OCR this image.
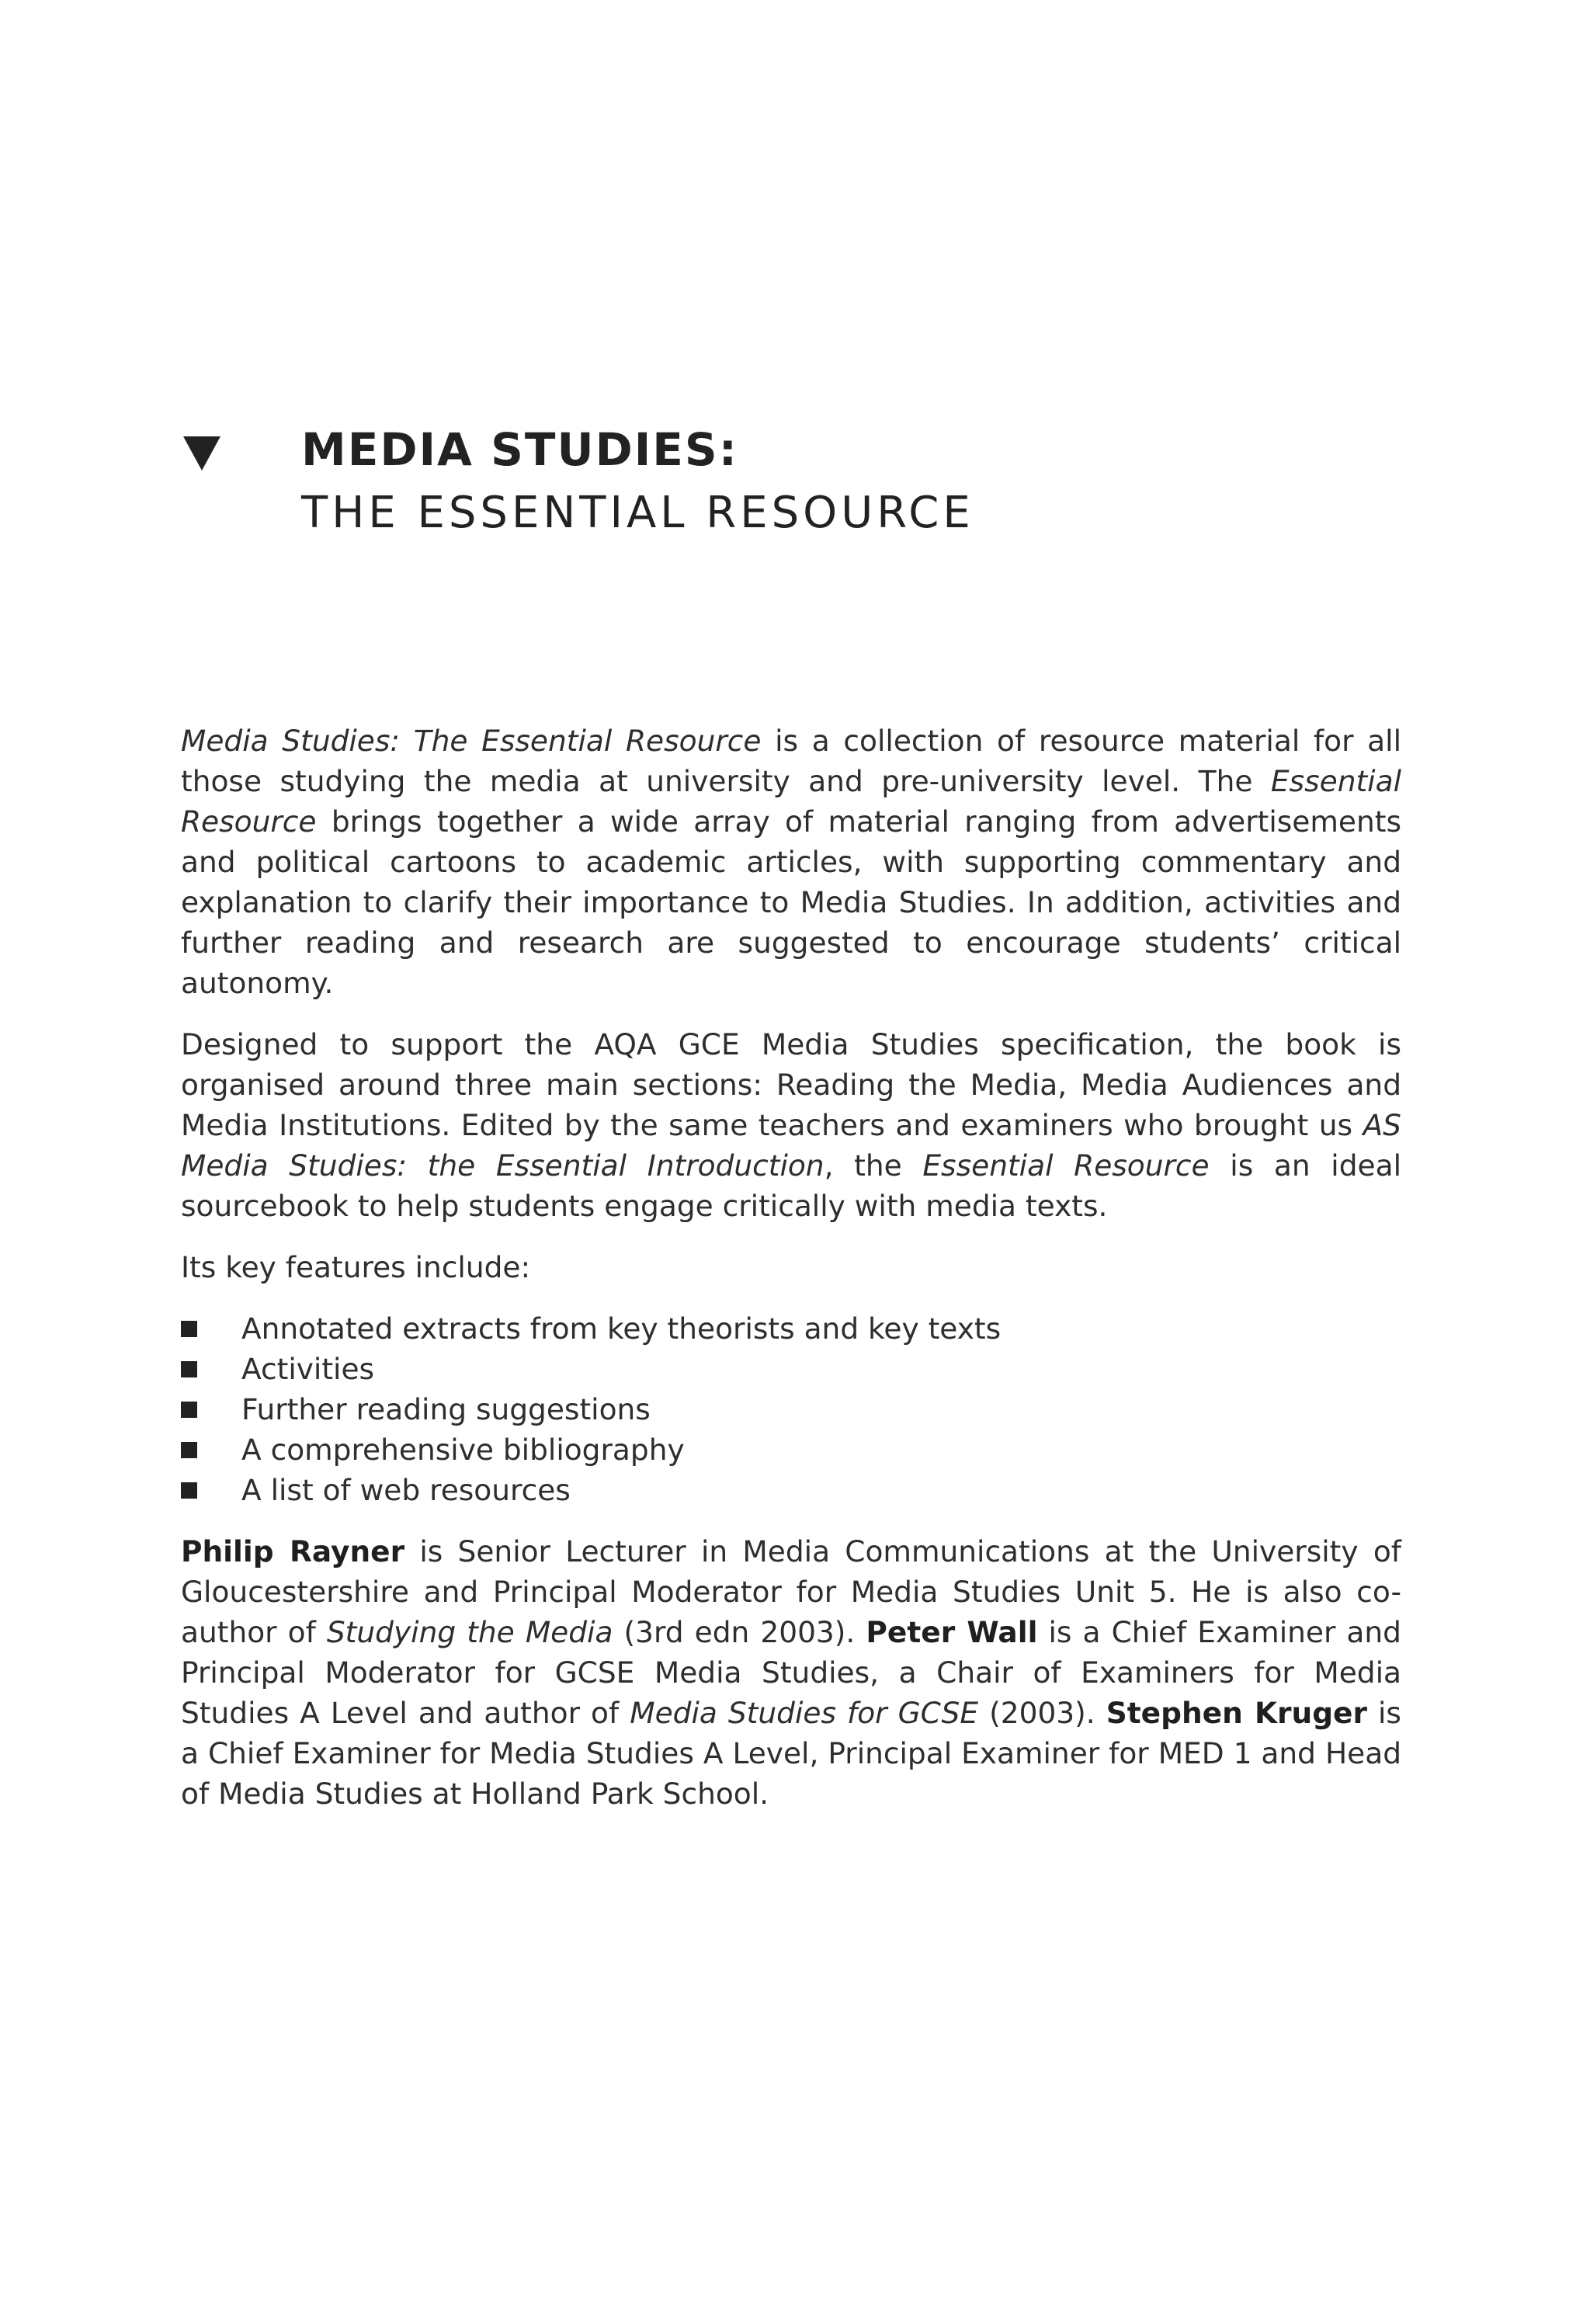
MEDIA STUDIES:
THE ESSENTIAL RESOURCE

Media Studies: The Essential Resource is a collection of resource material for all those studying the media at university and pre-university level. The Essential Resource brings together a wide array of material ranging from advertisements and political cartoons to academic articles, with supporting commentary and explanation to clarify their importance to Media Studies. In addition, activities and further reading and research are suggested to encourage students’ critical autonomy.

Designed to support the AQA GCE Media Studies specification, the book is organised around three main sections: Reading the Media, Media Audiences and Media Institutions. Edited by the same teachers and examiners who brought us AS Media Studies: the Essential Introduction, the Essential Resource is an ideal sourcebook to help students engage critically with media texts.

Its key features include:

Annotated extracts from key theorists and key texts
Activities
Further reading suggestions
A comprehensive bibliography
A list of web resources

Philip Rayner is Senior Lecturer in Media Communications at the University of Gloucestershire and Principal Moderator for Media Studies Unit 5. He is also co-author of Studying the Media (3rd edn 2003). Peter Wall is a Chief Examiner and Principal Moderator for GCSE Media Studies, a Chair of Examiners for Media Studies A Level and author of Media Studies for GCSE (2003). Stephen Kruger is a Chief Examiner for Media Studies A Level, Principal Examiner for MED 1 and Head of Media Studies at Holland Park School.
